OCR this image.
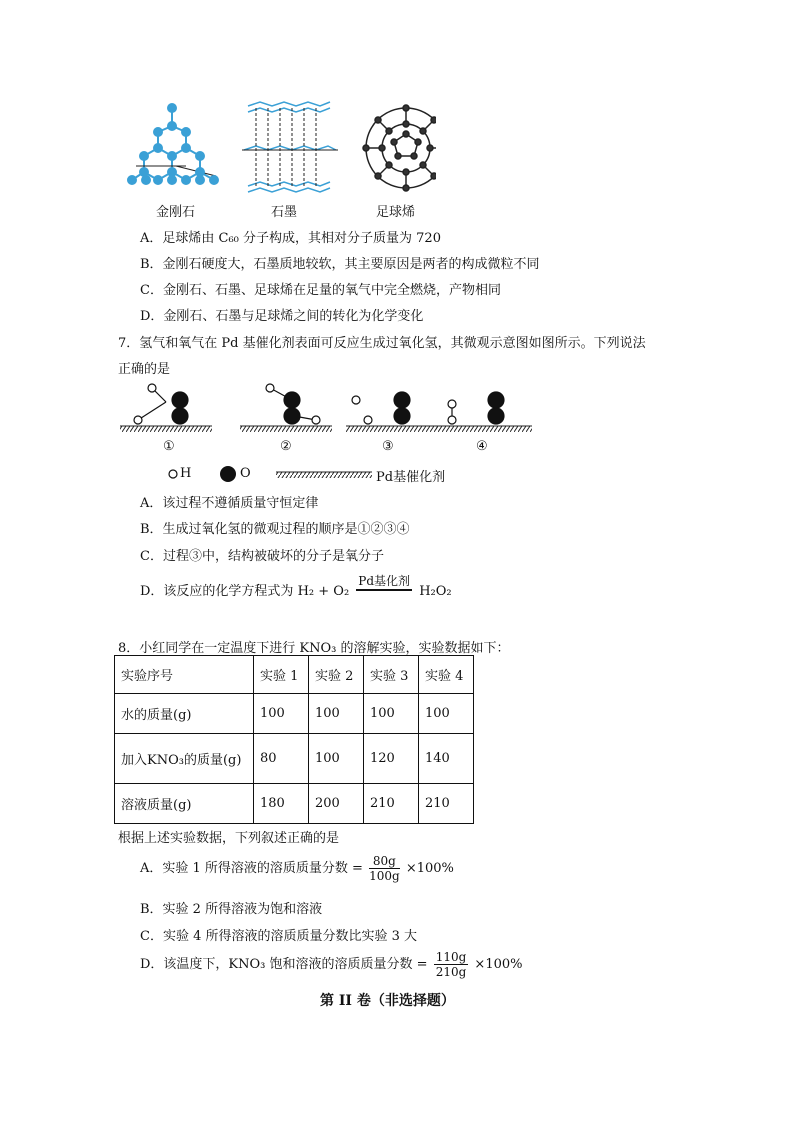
金刚石	石墨	足球烯
A．足球烯由 C₆₀ 分子构成，其相对分子质量为 720
B．金刚石硬度大，石墨质地较软，其主要原因是两者的构成微粒不同
C．金刚石、石墨、足球烯在足量的氧气中完全燃烧，产物相同
D．金刚石、石墨与足球烯之间的转化为化学变化
7．氢气和氧气在 Pd 基催化剂表面可反应生成过氧化氢，其微观示意图如图所示。下列说法
正确的是
①	②	③	④
H	O	Pd基催化剂
A．该过程不遵循质量守恒定律
B．生成过氧化氢的微观过程的顺序是①②③④
C．过程③中，结构被破坏的分子是氧分子
D．该反应的化学方程式为 H₂ + O₂
Pd基化剂
H₂O₂
8．小红同学在一定温度下进行 KNO₃ 的溶解实验，实验数据如下：
实验序号	实验 1	实验 2	实验 3	实验 4
水的质量(g)	100	100	100	100
加入KNO₃的质量(g)	80	100	120	140
溶液质量(g)	180	200	210	210
根据上述实验数据，下列叙述正确的是
A．实验 1 所得溶液的溶质质量分数 = $\frac{80g}{100g} \times 100\%$
B．实验 2 所得溶液为饱和溶液
C．实验 4 所得溶液的溶质质量分数比实验 3 大
D．该温度下，KNO₃ 饱和溶液的溶质质量分数 = $\frac{110g}{210g} \times 100\%$
第 II 卷（非选择题）
